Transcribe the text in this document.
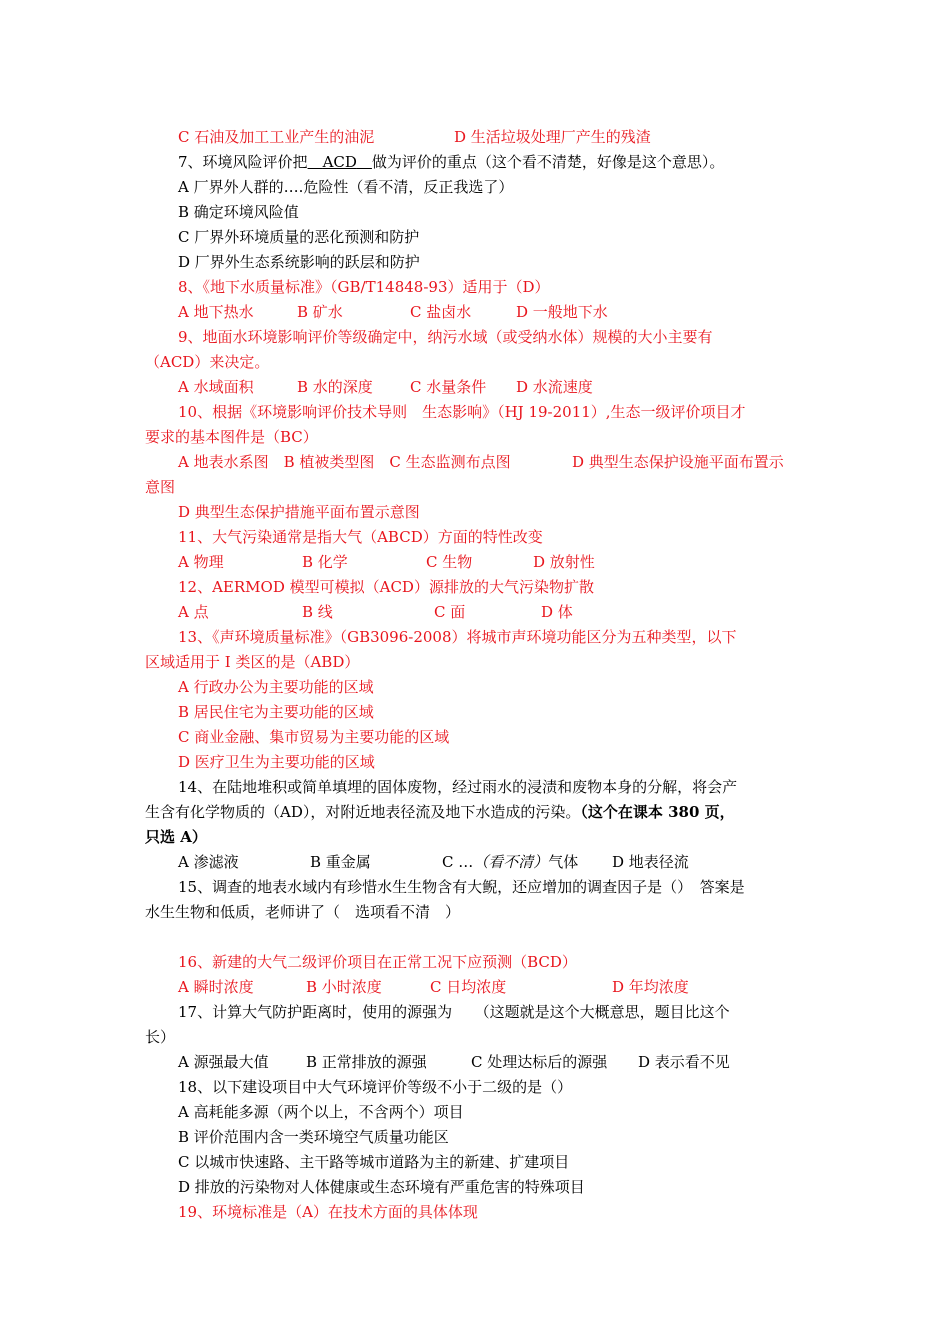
C 石油及加工工业产生的油泥	D 生活垃圾处理厂产生的残渣
7、环境风险评价把　 ACD　 做为评价的重点（这个看不清楚，好像是这个意思）。
A 厂界外人群的….危险性（看不清，反正我选了）
B 确定环境风险值
C 厂界外环境质量的恶化预测和防护
D 厂界外生态系统影响的跃层和防护
8、《地下水质量标准》（GB/T14848-93）适用于（D）
A 地下热水	B 矿水	C 盐卤水	D 一般地下水
9、地面水环境影响评价等级确定中，纳污水域（或受纳水体）规模的大小主要有
（ACD）来决定。
A 水域面积	B 水的深度 C 水量条件 D 水流速度
10、根据《环境影响评价技术导则　生态影响》（HJ 19-2011）,生态一级评价项目才
要求的基本图件是（BC）
A 地表水系图　B 植被类型图　C 生态监测布点图	D 典型生态保护设施平面布置示
意图
D 典型生态保护措施平面布置示意图
11、大气污染通常是指大气（ABCD）方面的特性改变
A 物理	B 化学	C 生物	D 放射性
12、AERMOD 模型可模拟（ACD）源排放的大气污染物扩散
A 点	B 线	C 面	D 体
13、《声环境质量标准》（GB3096-2008）将城市声环境功能区分为五种类型，以下
区域适用于 I 类区的是（ABD）
A 行政办公为主要功能的区域
B 居民住宅为主要功能的区域
C 商业金融、集市贸易为主要功能的区域
D 医疗卫生为主要功能的区域
14、在陆地堆积或简单填埋的固体废物，经过雨水的浸渍和废物本身的分解，将会产
生含有化学物质的（AD），对附近地表径流及地下水造成的污染。（这个在课本 380 页，
只选 A）
A 渗滤液	B 重金属	C …（看不清）气体 D 地表径流
15、调查的地表水域内有珍惜水生生物含有大鲵，还应增加的调查因子是（）　答案是
水生生物和低质，老师讲了（　选项看不清　）
16、新建的大气二级评价项目在正常工况下应预测（BCD）
A 瞬时浓度	B 小时浓度	C 日均浓度	D 年均浓度
17、计算大气防护距离时，使用的源强为　　（这题就是这个大概意思，题目比这个
长）
A 源强最大值 B 正常排放的源强	C 处理达标后的源强 D 表示看不见
18、以下建设项目中大气环境评价等级不小于二级的是（）
A 高耗能多源（两个以上，不含两个）项目
B 评价范围内含一类环境空气质量功能区
C 以城市快速路、主干路等城市道路为主的新建、扩建项目
D 排放的污染物对人体健康或生态环境有严重危害的特殊项目
19、环境标准是（A）在技术方面的具体体现
